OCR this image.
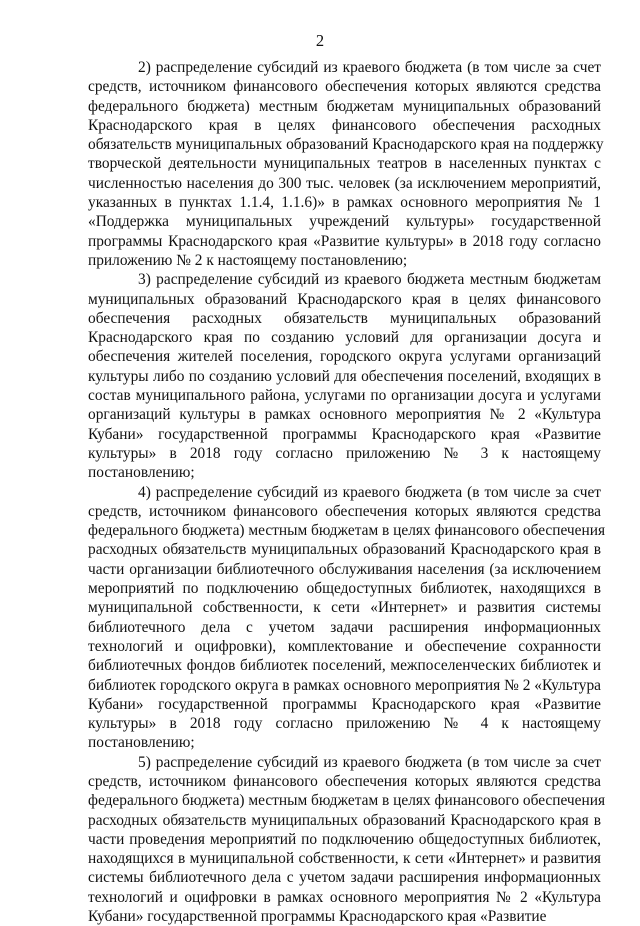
2
2) распределение субсидий из краевого бюджета (в том числе за счет
средств, источником финансового обеспечения которых являются средства
федерального бюджета) местным бюджетам муниципальных образований
Краснодарского края в целях финансового обеспечения расходных
обязательств муниципальных образований Краснодарского края на поддержку
творческой деятельности муниципальных театров в населенных пунктах с
численностью населения до 300 тыс. человек (за исключением мероприятий,
указанных в пунктах 1.1.4, 1.1.6)» в рамках основного мероприятия № 1
«Поддержка муниципальных учреждений культуры» государственной
программы Краснодарского края «Развитие культуры» в 2018 году согласно
приложению № 2 к настоящему постановлению;
3) распределение субсидий из краевого бюджета местным бюджетам
муниципальных образований Краснодарского края в целях финансового
обеспечения расходных обязательств муниципальных образований
Краснодарского края по созданию условий для организации досуга и
обеспечения жителей поселения, городского округа услугами организаций
культуры либо по созданию условий для обеспечения поселений, входящих в
состав муниципального района, услугами по организации досуга и услугами
организаций культуры в рамках основного мероприятия № 2 «Культура
Кубани» государственной программы Краснодарского края «Развитие
культуры» в 2018 году согласно приложению № 3 к настоящему
постановлению;
4) распределение субсидий из краевого бюджета (в том числе за счет
средств, источником финансового обеспечения которых являются средства
федерального бюджета) местным бюджетам в целях финансового обеспечения
расходных обязательств муниципальных образований Краснодарского края в
части организации библиотечного обслуживания населения (за исключением
мероприятий по подключению общедоступных библиотек, находящихся в
муниципальной собственности, к сети «Интернет» и развития системы
библиотечного дела с учетом задачи расширения информационных
технологий и оцифровки), комплектование и обеспечение сохранности
библиотечных фондов библиотек поселений, межпоселенческих библиотек и
библиотек городского округа в рамках основного мероприятия № 2 «Культура
Кубани» государственной программы Краснодарского края «Развитие
культуры» в 2018 году согласно приложению № 4 к настоящему
постановлению;
5) распределение субсидий из краевого бюджета (в том числе за счет
средств, источником финансового обеспечения которых являются средства
федерального бюджета) местным бюджетам в целях финансового обеспечения
расходных обязательств муниципальных образований Краснодарского края в
части проведения мероприятий по подключению общедоступных библиотек,
находящихся в муниципальной собственности, к сети «Интернет» и развития
системы библиотечного дела с учетом задачи расширения информационных
технологий и оцифровки в рамках основного мероприятия № 2 «Культура
Кубани» государственной программы Краснодарского края «Развитие
